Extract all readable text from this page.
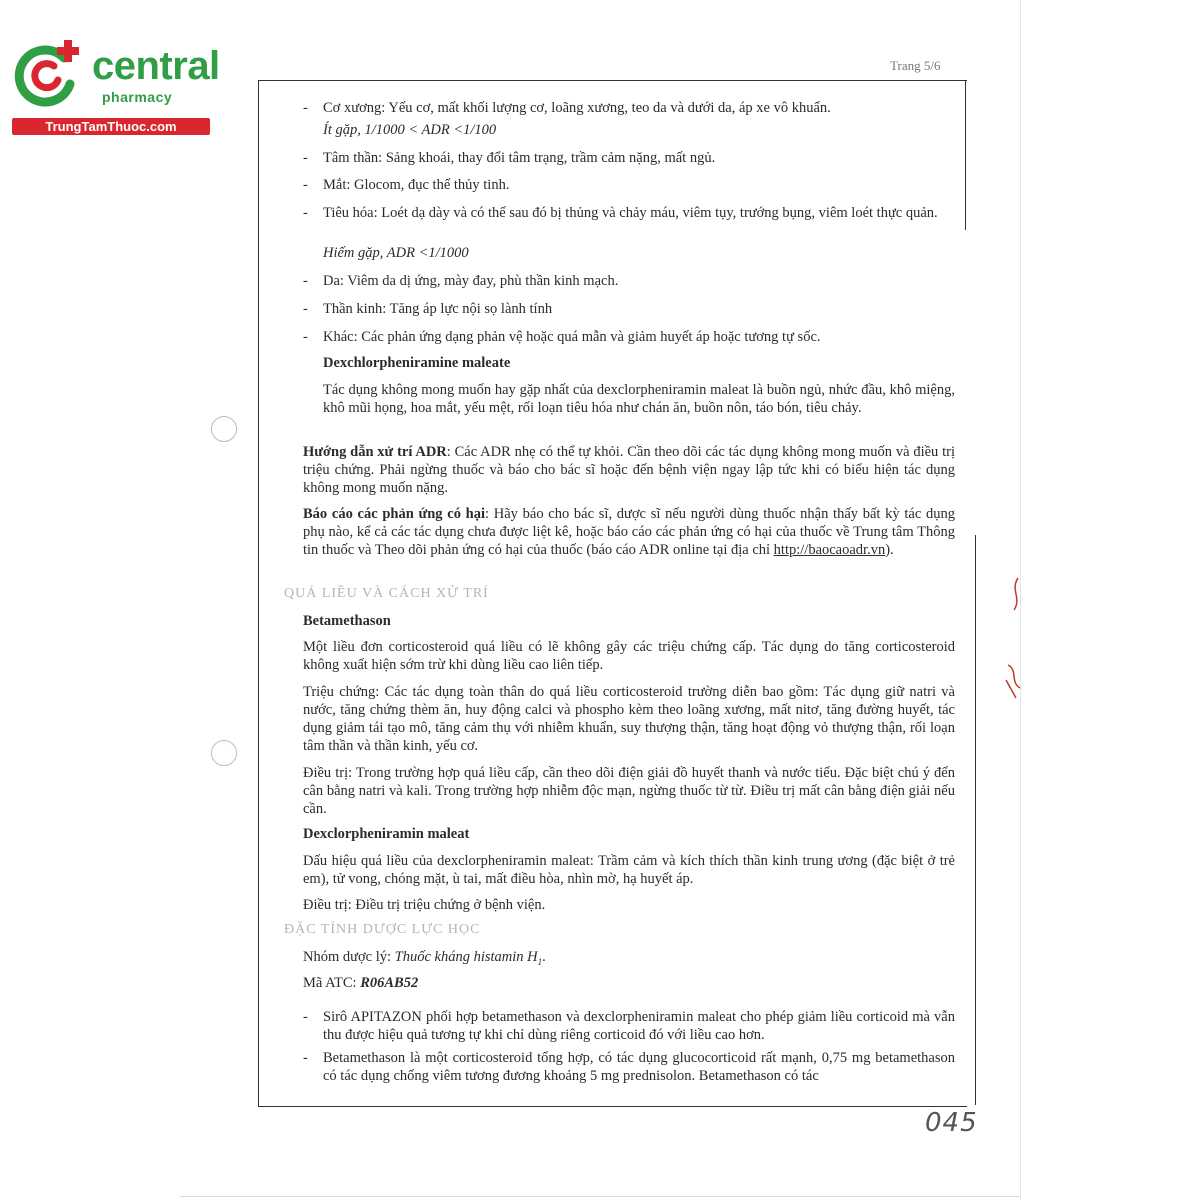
central
pharmacy
TrungTamThuoc.com
Trang 5/6
045
- Cơ xương: Yếu cơ, mất khối lượng cơ, loãng xương, teo da và dưới da, áp xe vô khuẩn.
Ít gặp, 1/1000 < ADR <1/100
- Tâm thần: Sảng khoái, thay đổi tâm trạng, trầm cảm nặng, mất ngủ.
- Mắt: Glocom, đục thể thủy tinh.
- Tiêu hóa: Loét dạ dày và có thể sau đó bị thủng và chảy máu, viêm tụy, trướng bụng, viêm loét thực quản.
Hiếm gặp, ADR <1/1000
- Da: Viêm da dị ứng, mày đay, phù thần kinh mạch.
- Thần kinh: Tăng áp lực nội sọ lành tính
- Khác: Các phản ứng dạng phản vệ hoặc quá mẫn và giảm huyết áp hoặc tương tự sốc.
Dexchlorpheniramine maleate
Tác dụng không mong muốn hay gặp nhất của dexclorpheniramin maleat là buồn ngủ, nhức đầu, khô miệng, khô mũi họng, hoa mắt, yếu mệt, rối loạn tiêu hóa như chán ăn, buồn nôn, táo bón, tiêu chảy.
Hướng dẫn xử trí ADR: Các ADR nhẹ có thể tự khỏi. Cần theo dõi các tác dụng không mong muốn và điều trị triệu chứng. Phải ngừng thuốc và báo cho bác sĩ hoặc đến bệnh viện ngay lập tức khi có biểu hiện tác dụng không mong muốn nặng.
Báo cáo các phản ứng có hại: Hãy báo cho bác sĩ, dược sĩ nếu người dùng thuốc nhận thấy bất kỳ tác dụng phụ nào, kể cả các tác dụng chưa được liệt kê, hoặc báo cáo các phản ứng có hại của thuốc về Trung tâm Thông tin thuốc và Theo dõi phản ứng có hại của thuốc (báo cáo ADR online tại địa chỉ http://baocaoadr.vn).
QUÁ LIỀU VÀ CÁCH XỬ TRÍ
Betamethason
Một liều đơn corticosteroid quá liều có lẽ không gây các triệu chứng cấp. Tác dụng do tăng corticosteroid không xuất hiện sớm trừ khi dùng liều cao liên tiếp.
Triệu chứng: Các tác dụng toàn thân do quá liều corticosteroid trường diễn bao gồm: Tác dụng giữ natri và nước, tăng chứng thèm ăn, huy động calci và phospho kèm theo loãng xương, mất nitơ, tăng đường huyết, tác dụng giảm tái tạo mô, tăng cảm thụ với nhiễm khuẩn, suy thượng thận, tăng hoạt động vỏ thượng thận, rối loạn tâm thần và thần kinh, yếu cơ.
Điều trị: Trong trường hợp quá liều cấp, cần theo dõi điện giải đồ huyết thanh và nước tiểu. Đặc biệt chú ý đến cân bằng natri và kali. Trong trường hợp nhiễm độc mạn, ngừng thuốc từ từ. Điều trị mất cân bằng điện giải nếu cần.
Dexclorpheniramin maleat
Dấu hiệu quá liều của dexclorpheniramin maleat: Trầm cảm và kích thích thần kinh trung ương (đặc biệt ở trẻ em), tử vong, chóng mặt, ù tai, mất điều hòa, nhìn mờ, hạ huyết áp.
Điều trị: Điều trị triệu chứng ở bệnh viện.
ĐẶC TÍNH DƯỢC LỰC HỌC
Nhóm dược lý: Thuốc kháng histamin $H_1$.
Mã ATC: R06AB52
- Sirô APITAZON phối hợp betamethason và dexclorpheniramin maleat cho phép giảm liều corticoid mà vẫn thu được hiệu quả tương tự khi chỉ dùng riêng corticoid đó với liều cao hơn.
- Betamethason là một corticosteroid tổng hợp, có tác dụng glucocorticoid rất mạnh, 0,75 mg betamethason có tác dụng chống viêm tương đương khoảng 5 mg prednisolon. Betamethason có tác
